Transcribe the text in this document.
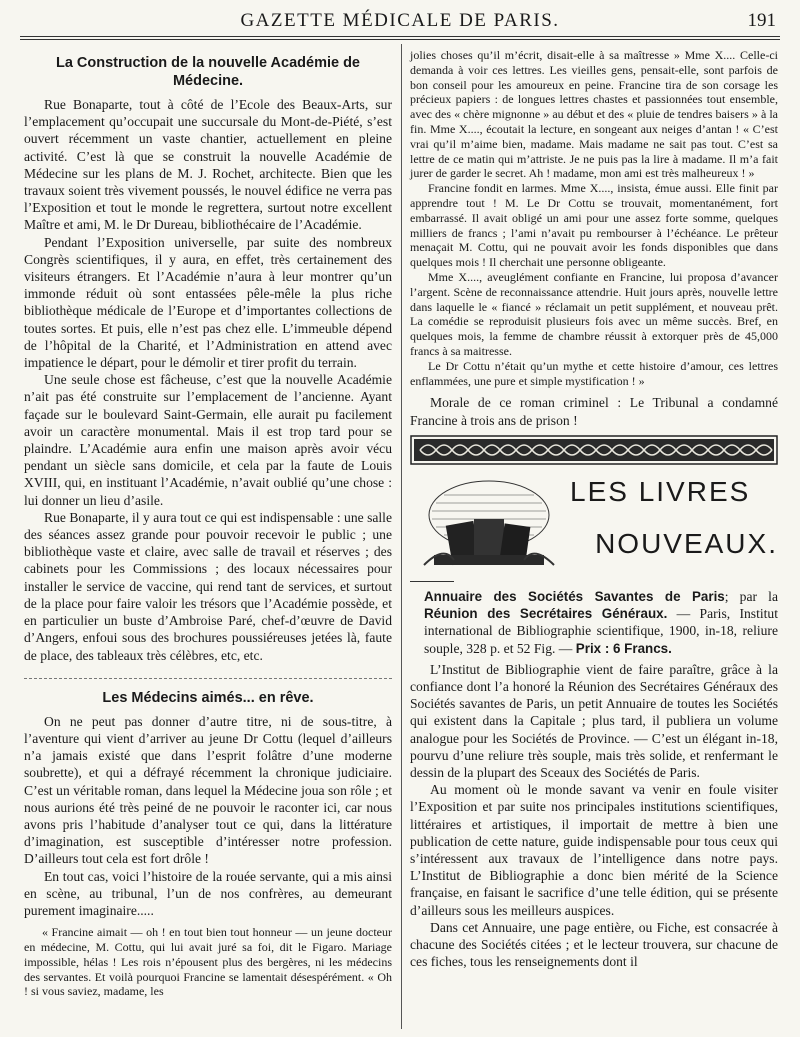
GAZETTE MÉDICALE DE PARIS.	191
La Construction de la nouvelle Académie de Médecine.

Rue Bonaparte, tout à côté de l’Ecole des Beaux-Arts, sur l’emplacement qu’occupait une succursale du Mont-de-Piété, s’est ouvert récemment un vaste chantier, actuellement en pleine activité. C’est là que se construit la nouvelle Académie de Médecine sur les plans de M. J. Rochet, architecte. Bien que les travaux soient très vivement poussés, le nouvel édifice ne verra pas l’Exposition et tout le monde le regrettera, surtout notre excellent Maître et ami, M. le Dr Dureau, bibliothécaire de l’Académie.

Pendant l’Exposition universelle, par suite des nombreux Congrès scientifiques, il y aura, en effet, très certainement des visiteurs étrangers. Et l’Académie n’aura à leur montrer qu’un immonde réduit où sont entassées pêle-mêle la plus riche bibliothèque médicale de l’Europe et d’importantes collections de toutes sortes. Et puis, elle n’est pas chez elle. L’immeuble dépend de l’hôpital de la Charité, et l’Administration en attend avec impatience le départ, pour le démolir et tirer profit du terrain.

Une seule chose est fâcheuse, c’est que la nouvelle Académie n’ait pas été construite sur l’emplacement de l’ancienne. Ayant façade sur le boulevard Saint-Germain, elle aurait pu facilement avoir un caractère monumental. Mais il est trop tard pour se plaindre. L’Académie aura enfin une maison après avoir vécu pendant un siècle sans domicile, et cela par la faute de Louis XVIII, qui, en instituant l’Académie, n’avait oublié qu’une chose : lui donner un lieu d’asile.

Rue Bonaparte, il y aura tout ce qui est indispensable : une salle des séances assez grande pour pouvoir recevoir le public ; une bibliothèque vaste et claire, avec salle de travail et réserves ; des cabinets pour les Commissions ; des locaux nécessaires pour installer le service de vaccine, qui rend tant de services, et surtout de la place pour faire valoir les trésors que l’Académie possède, et en particulier un buste d’Ambroise Paré, chef-d’œuvre de David d’Angers, enfoui sous des brochures poussiéreuses jetées là, faute de place, des tableaux très célèbres, etc, etc.

Les Médecins aimés... en rêve.

On ne peut pas donner d’autre titre, ni de sous-titre, à l’aventure qui vient d’arriver au jeune Dr Cottu (lequel d’ailleurs n’a jamais existé que dans l’esprit folâtre d’une moderne soubrette), et qui a défrayé récemment la chronique judiciaire. C’est un véritable roman, dans lequel la Médecine joua son rôle ; et nous aurions été très peiné de ne pouvoir le raconter ici, car nous avons pris l’habitude d’analyser tout ce qui, dans la littérature d’imagination, est susceptible d’intéresser notre profession. D’ailleurs tout cela est fort drôle !

En tout cas, voici l’histoire de la rouée servante, qui a mis ainsi en scène, au tribunal, l’un de nos confrères, au demeurant purement imaginaire.....

« Francine aimait — oh ! en tout bien tout honneur — un jeune docteur en médecine, M. Cottu, qui lui avait juré sa foi, dit le Figaro. Mariage impossible, hélas ! Les rois n’épousent plus des bergères, ni les médecins des servantes. Et voilà pourquoi Francine se lamentait désespérément. « Oh ! si vous saviez, madame, les

jolies choses qu’il m’écrit, disait-elle à sa maîtresse » Mme X.... Celle-ci demanda à voir ces lettres. Les vieilles gens, pensait-elle, sont parfois de bon conseil pour les amoureux en peine. Francine tira de son corsage les précieux papiers : de longues lettres chastes et passionnées tout ensemble, avec des « chère mignonne » au début et des « pluie de tendres baisers » à la fin. Mme X...., écoutait la lecture, en songeant aux neiges d’antan ! « C’est vrai qu’il m’aime bien, madame. Mais madame ne sait pas tout. C’est sa lettre de ce matin qui m’attriste. Je ne puis pas la lire à madame. Il m’a fait jurer de garder le secret. Ah ! madame, mon ami est très malheureux ! »

Francine fondit en larmes. Mme X...., insista, émue aussi. Elle finit par apprendre tout ! M. Le Dr Cottu se trouvait, momentanément, fort embarrassé. Il avait obligé un ami pour une assez forte somme, quelques milliers de francs ; l’ami n’avait pu rembourser à l’échéance. Le prêteur menaçait M. Cottu, qui ne pouvait avoir les fonds disponibles que dans quelques mois ! Il cherchait une personne obligeante.

Mme X...., aveuglément confiante en Francine, lui proposa d’avancer l’argent. Scène de reconnaissance attendrie. Huit jours après, nouvelle lettre dans laquelle le « fiancé » réclamait un petit supplément, et nouveau prêt. La comédie se reproduisit plusieurs fois avec un même succès. Bref, en quelques mois, la femme de chambre réussit à extorquer près de 45,000 francs à sa maitresse.

Le Dr Cottu n’était qu’un mythe et cette histoire d’amour, ces lettres enflammées, une pure et simple mystification ! »

Morale de ce roman criminel : Le Tribunal a condamné Francine à trois ans de prison !

LES LIVRES
NOUVEAUX.

Annuaire des Sociétés Savantes de Paris; par la Réunion des Secrétaires Généraux. — Paris, Institut international de Bibliographie scientifique, 1900, in-18, reliure souple, 328 p. et 52 Fig. — Prix : 6 Francs.

L’Institut de Bibliographie vient de faire paraître, grâce à la confiance dont l’a honoré la Réunion des Secrétaires Généraux des Sociétés savantes de Paris, un petit Annuaire de toutes les Sociétés qui existent dans la Capitale ; plus tard, il publiera un volume analogue pour les Sociétés de Province. — C’est un élégant in-18, pourvu d’une reliure très souple, mais très solide, et renfermant le dessin de la plupart des Sceaux des Sociétés de Paris.

Au moment où le monde savant va venir en foule visiter l’Exposition et par suite nos principales institutions scientifiques, littéraires et artistiques, il importait de mettre à bien une publication de cette nature, guide indispensable pour tous ceux qui s’intéressent aux travaux de l’intelligence dans notre pays. L’Institut de Bibliographie a donc bien mérité de la Science française, en faisant le sacrifice d’une telle édition, qui se présente d’ailleurs sous les meilleurs auspices.

Dans cet Annuaire, une page entière, ou Fiche, est consacrée à chacune des Sociétés citées ; et le lecteur trouvera, sur chacune de ces fiches, tous les renseignements dont il
